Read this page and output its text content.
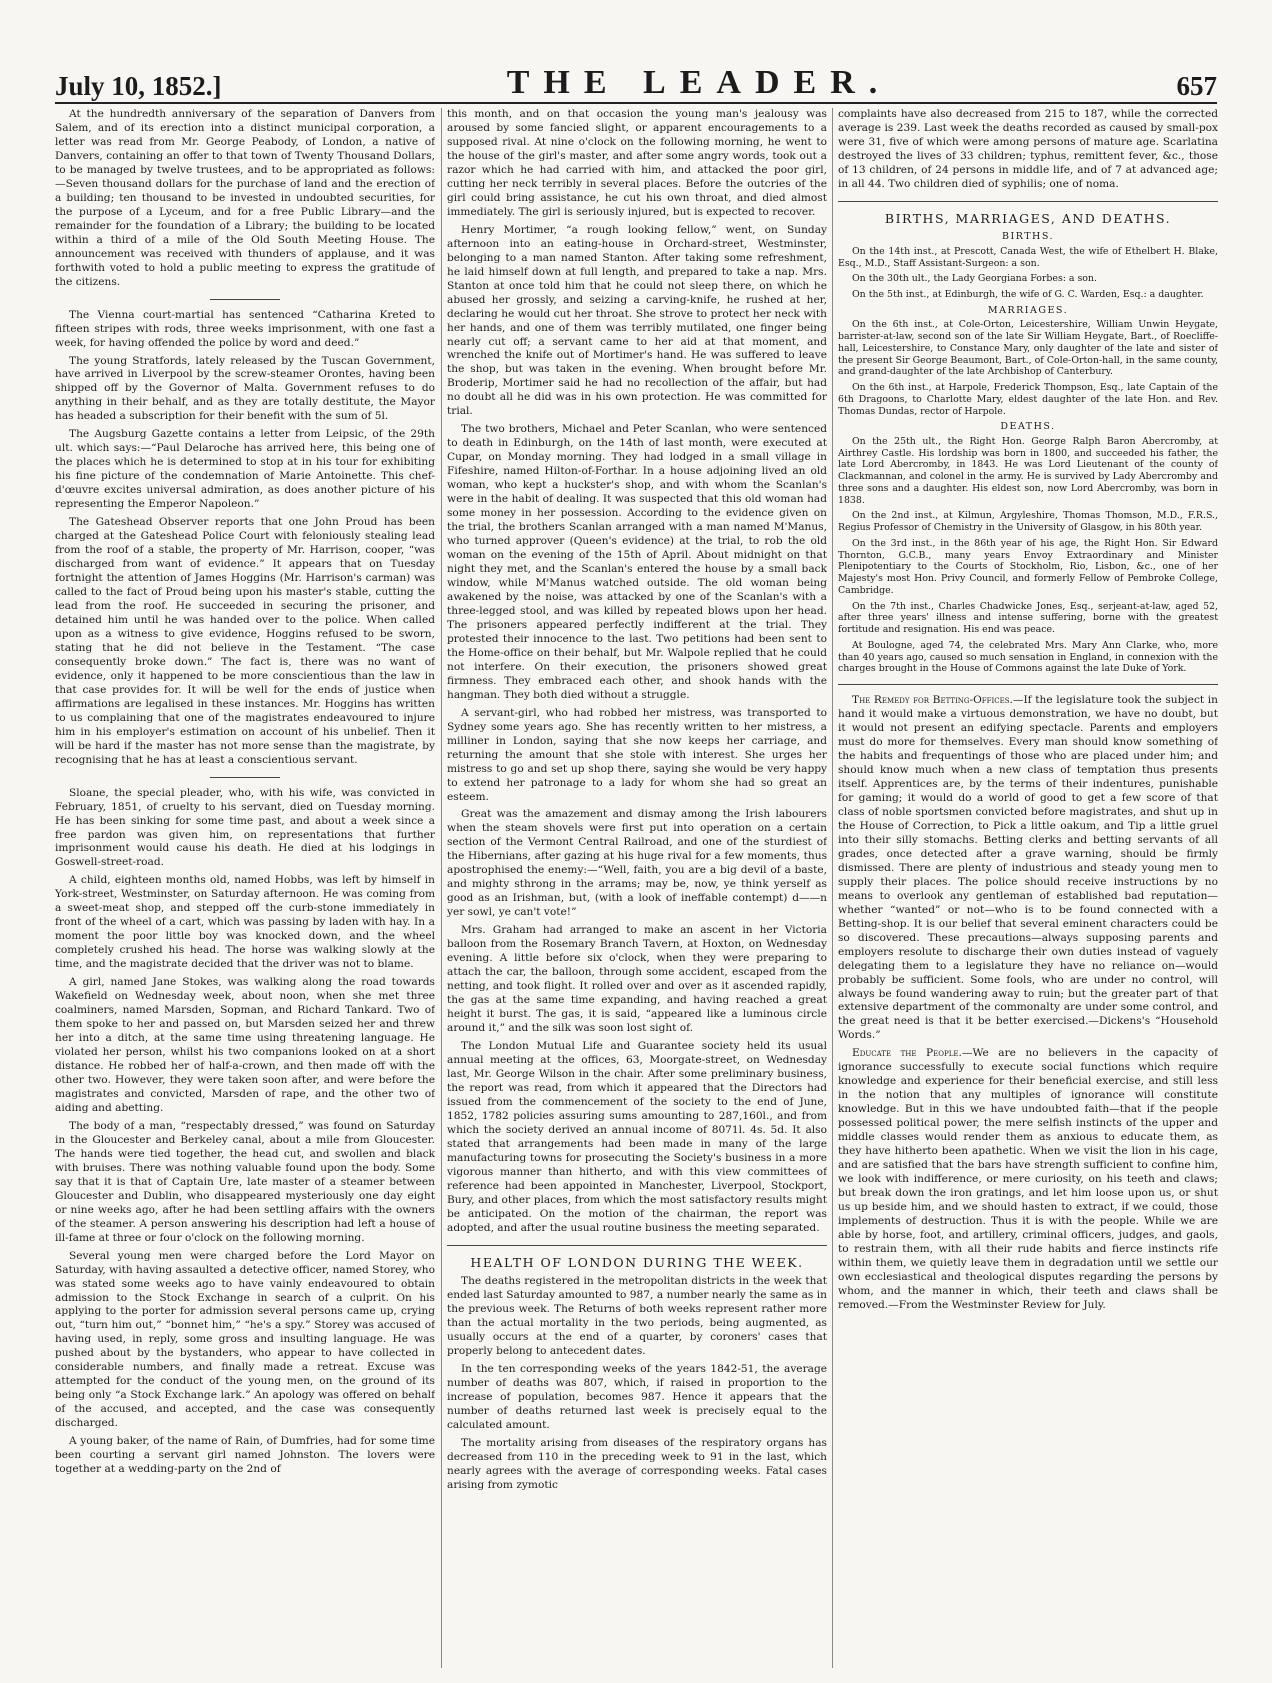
July 10, 1852.]	THE LEADER.	657

At the hundredth anniversary of the separation of Danvers from Salem, and of its erection into a distinct municipal corporation, a letter was read from Mr. George Peabody, of London, a native of Danvers, containing an offer to that town of Twenty Thousand Dollars, to be managed by twelve trustees, and to be appropriated as follows:—Seven thousand dollars for the purchase of land and the erection of a building; ten thousand to be invested in undoubted securities, for the purpose of a Lyceum, and for a free Public Library—and the remainder for the foundation of a Library; the building to be located within a third of a mile of the Old South Meeting House. The announcement was received with thunders of applause, and it was forthwith voted to hold a public meeting to express the gratitude of the citizens.

The Vienna court-martial has sentenced “Catharina Kreted to fifteen stripes with rods, three weeks imprisonment, with one fast a week, for having offended the police by word and deed.”

The young Stratfords, lately released by the Tuscan Government, have arrived in Liverpool by the screw-steamer Orontes, having been shipped off by the Governor of Malta. Government refuses to do anything in their behalf, and as they are totally destitute, the Mayor has headed a subscription for their benefit with the sum of 5l.

The Augsburg Gazette contains a letter from Leipsic, of the 29th ult. which says:—“Paul Delaroche has arrived here, this being one of the places which he is determined to stop at in his tour for exhibiting his fine picture of the condemnation of Marie Antoinette. This chef-d'œuvre excites universal admiration, as does another picture of his representing the Emperor Napoleon.”

The Gateshead Observer reports that one John Proud has been charged at the Gateshead Police Court with feloniously stealing lead from the roof of a stable, the property of Mr. Harrison, cooper, “was discharged from want of evidence.” It appears that on Tuesday fortnight the attention of James Hoggins (Mr. Harrison's carman) was called to the fact of Proud being upon his master's stable, cutting the lead from the roof. He succeeded in securing the prisoner, and detained him until he was handed over to the police. When called upon as a witness to give evidence, Hoggins refused to be sworn, stating that he did not believe in the Testament. “The case consequently broke down.” The fact is, there was no want of evidence, only it happened to be more conscientious than the law in that case provides for. It will be well for the ends of justice when affirmations are legalised in these instances. Mr. Hoggins has written to us complaining that one of the magistrates endeavoured to injure him in his employer's estimation on account of his unbelief. Then it will be hard if the master has not more sense than the magistrate, by recognising that he has at least a conscientious servant.

Sloane, the special pleader, who, with his wife, was convicted in February, 1851, of cruelty to his servant, died on Tuesday morning. He has been sinking for some time past, and about a week since a free pardon was given him, on representations that further imprisonment would cause his death. He died at his lodgings in Goswell-street-road.

A child, eighteen months old, named Hobbs, was left by himself in York-street, Westminster, on Saturday afternoon. He was coming from a sweet-meat shop, and stepped off the curb-stone immediately in front of the wheel of a cart, which was passing by laden with hay. In a moment the poor little boy was knocked down, and the wheel completely crushed his head. The horse was walking slowly at the time, and the magistrate decided that the driver was not to blame.

A girl, named Jane Stokes, was walking along the road towards Wakefield on Wednesday week, about noon, when she met three coalminers, named Marsden, Sopman, and Richard Tankard. Two of them spoke to her and passed on, but Marsden seized her and threw her into a ditch, at the same time using threatening language. He violated her person, whilst his two companions looked on at a short distance. He robbed her of half-a-crown, and then made off with the other two. However, they were taken soon after, and were before the magistrates and convicted, Marsden of rape, and the other two of aiding and abetting.

The body of a man, “respectably dressed,” was found on Saturday in the Gloucester and Berkeley canal, about a mile from Gloucester. The hands were tied together, the head cut, and swollen and black with bruises. There was nothing valuable found upon the body. Some say that it is that of Captain Ure, late master of a steamer between Gloucester and Dublin, who disappeared mysteriously one day eight or nine weeks ago, after he had been settling affairs with the owners of the steamer. A person answering his description had left a house of ill-fame at three or four o'clock on the following morning.

Several young men were charged before the Lord Mayor on Saturday, with having assaulted a detective officer, named Storey, who was stated some weeks ago to have vainly endeavoured to obtain admission to the Stock Exchange in search of a culprit. On his applying to the porter for admission several persons came up, crying out, “turn him out,” “bonnet him,” “he's a spy.” Storey was accused of having used, in reply, some gross and insulting language. He was pushed about by the bystanders, who appear to have collected in considerable numbers, and finally made a retreat. Excuse was attempted for the conduct of the young men, on the ground of its being only “a Stock Exchange lark.” An apology was offered on behalf of the accused, and accepted, and the case was consequently discharged.

A young baker, of the name of Rain, of Dumfries, had for some time been courting a servant girl named Johnston. The lovers were together at a wedding-party on the 2nd of

this month, and on that occasion the young man's jealousy was aroused by some fancied slight, or apparent encouragements to a supposed rival. At nine o'clock on the following morning, he went to the house of the girl's master, and after some angry words, took out a razor which he had carried with him, and attacked the poor girl, cutting her neck terribly in several places. Before the outcries of the girl could bring assistance, he cut his own throat, and died almost immediately. The girl is seriously injured, but is expected to recover.

Henry Mortimer, “a rough looking fellow,” went, on Sunday afternoon into an eating-house in Orchard-street, Westminster, belonging to a man named Stanton. After taking some refreshment, he laid himself down at full length, and prepared to take a nap. Mrs. Stanton at once told him that he could not sleep there, on which he abused her grossly, and seizing a carving-knife, he rushed at her, declaring he would cut her throat. She strove to protect her neck with her hands, and one of them was terribly mutilated, one finger being nearly cut off; a servant came to her aid at that moment, and wrenched the knife out of Mortimer's hand. He was suffered to leave the shop, but was taken in the evening. When brought before Mr. Broderip, Mortimer said he had no recollection of the affair, but had no doubt all he did was in his own protection. He was committed for trial.

The two brothers, Michael and Peter Scanlan, who were sentenced to death in Edinburgh, on the 14th of last month, were executed at Cupar, on Monday morning. They had lodged in a small village in Fifeshire, named Hilton-of-Forthar. In a house adjoining lived an old woman, who kept a huckster's shop, and with whom the Scanlan's were in the habit of dealing. It was suspected that this old woman had some money in her possession. According to the evidence given on the trial, the brothers Scanlan arranged with a man named M'Manus, who turned approver (Queen's evidence) at the trial, to rob the old woman on the evening of the 15th of April. About midnight on that night they met, and the Scanlan's entered the house by a small back window, while M'Manus watched outside. The old woman being awakened by the noise, was attacked by one of the Scanlan's with a three-legged stool, and was killed by repeated blows upon her head. The prisoners appeared perfectly indifferent at the trial. They protested their innocence to the last. Two petitions had been sent to the Home-office on their behalf, but Mr. Walpole replied that he could not interfere. On their execution, the prisoners showed great firmness. They embraced each other, and shook hands with the hangman. They both died without a struggle.

A servant-girl, who had robbed her mistress, was transported to Sydney some years ago. She has recently written to her mistress, a milliner in London, saying that she now keeps her carriage, and returning the amount that she stole with interest. She urges her mistress to go and set up shop there, saying she would be very happy to extend her patronage to a lady for whom she had so great an esteem.

Great was the amazement and dismay among the Irish labourers when the steam shovels were first put into operation on a certain section of the Vermont Central Railroad, and one of the sturdiest of the Hibernians, after gazing at his huge rival for a few moments, thus apostrophised the enemy:—“Well, faith, you are a big devil of a baste, and mighty sthrong in the arrams; may be, now, ye think yerself as good as an Irishman, but, (with a look of ineffable contempt) d——n yer sowl, ye can't vote!”

Mrs. Graham had arranged to make an ascent in her Victoria balloon from the Rosemary Branch Tavern, at Hoxton, on Wednesday evening. A little before six o'clock, when they were preparing to attach the car, the balloon, through some accident, escaped from the netting, and took flight. It rolled over and over as it ascended rapidly, the gas at the same time expanding, and having reached a great height it burst. The gas, it is said, “appeared like a luminous circle around it,” and the silk was soon lost sight of.

The London Mutual Life and Guarantee society held its usual annual meeting at the offices, 63, Moorgate-street, on Wednesday last, Mr. George Wilson in the chair. After some preliminary business, the report was read, from which it appeared that the Directors had issued from the commencement of the society to the end of June, 1852, 1782 policies assuring sums amounting to 287,160l., and from which the society derived an annual income of 8071l. 4s. 5d. It also stated that arrangements had been made in many of the large manufacturing towns for prosecuting the Society's business in a more vigorous manner than hitherto, and with this view committees of reference had been appointed in Manchester, Liverpool, Stockport, Bury, and other places, from which the most satisfactory results might be anticipated. On the motion of the chairman, the report was adopted, and after the usual routine business the meeting separated.

HEALTH OF LONDON DURING THE WEEK.

The deaths registered in the metropolitan districts in the week that ended last Saturday amounted to 987, a number nearly the same as in the previous week. The Returns of both weeks represent rather more than the actual mortality in the two periods, being augmented, as usually occurs at the end of a quarter, by coroners' cases that properly belong to antecedent dates.

In the ten corresponding weeks of the years 1842-51, the average number of deaths was 807, which, if raised in proportion to the increase of population, becomes 987. Hence it appears that the number of deaths returned last week is precisely equal to the calculated amount.

The mortality arising from diseases of the respiratory organs has decreased from 110 in the preceding week to 91 in the last, which nearly agrees with the average of corresponding weeks. Fatal cases arising from zymotic

complaints have also decreased from 215 to 187, while the corrected average is 239. Last week the deaths recorded as caused by small-pox were 31, five of which were among persons of mature age. Scarlatina destroyed the lives of 33 children; typhus, remittent fever, &c., those of 13 children, of 24 persons in middle life, and of 7 at advanced age; in all 44. Two children died of syphilis; one of noma.

BIRTHS, MARRIAGES, AND DEATHS.
BIRTHS.

On the 14th inst., at Prescott, Canada West, the wife of Ethelbert H. Blake, Esq., M.D., Staff Assistant-Surgeon: a son.

On the 30th ult., the Lady Georgiana Forbes: a son.

On the 5th inst., at Edinburgh, the wife of G. C. Warden, Esq.: a daughter.

MARRIAGES.

On the 6th inst., at Cole-Orton, Leicestershire, William Unwin Heygate, barrister-at-law, second son of the late Sir William Heygate, Bart., of Roecliffe-hall, Leicestershire, to Constance Mary, only daughter of the late and sister of the present Sir George Beaumont, Bart., of Cole-Orton-hall, in the same county, and grand-daughter of the late Archbishop of Canterbury.

On the 6th inst., at Harpole, Frederick Thompson, Esq., late Captain of the 6th Dragoons, to Charlotte Mary, eldest daughter of the late Hon. and Rev. Thomas Dundas, rector of Harpole.

DEATHS.

On the 25th ult., the Right Hon. George Ralph Baron Abercromby, at Airthrey Castle. His lordship was born in 1800, and succeeded his father, the late Lord Abercromby, in 1843. He was Lord Lieutenant of the county of Clackmannan, and colonel in the army. He is survived by Lady Abercromby and three sons and a daughter. His eldest son, now Lord Abercromby, was born in 1838.

On the 2nd inst., at Kilmun, Argyleshire, Thomas Thomson, M.D., F.R.S., Regius Professor of Chemistry in the University of Glasgow, in his 80th year.

On the 3rd inst., in the 86th year of his age, the Right Hon. Sir Edward Thornton, G.C.B., many years Envoy Extraordinary and Minister Plenipotentiary to the Courts of Stockholm, Rio, Lisbon, &c., one of her Majesty's most Hon. Privy Council, and formerly Fellow of Pembroke College, Cambridge.

On the 7th inst., Charles Chadwicke Jones, Esq., serjeant-at-law, aged 52, after three years' illness and intense suffering, borne with the greatest fortitude and resignation. His end was peace.

At Boulogne, aged 74, the celebrated Mrs. Mary Ann Clarke, who, more than 40 years ago, caused so much sensation in England, in connexion with the charges brought in the House of Commons against the late Duke of York.

The Remedy for Betting-Offices.—If the legislature took the subject in hand it would make a virtuous demonstration, we have no doubt, but it would not present an edifying spectacle. Parents and employers must do more for themselves. Every man should know something of the habits and frequentings of those who are placed under him; and should know much when a new class of temptation thus presents itself. Apprentices are, by the terms of their indentures, punishable for gaming; it would do a world of good to get a few score of that class of noble sportsmen convicted before magistrates, and shut up in the House of Correction, to Pick a little oakum, and Tip a little gruel into their silly stomachs. Betting clerks and betting servants of all grades, once detected after a grave warning, should be firmly dismissed. There are plenty of industrious and steady young men to supply their places. The police should receive instructions by no means to overlook any gentleman of established bad reputation—whether “wanted” or not—who is to be found connected with a Betting-shop. It is our belief that several eminent characters could be so discovered. These precautions—always supposing parents and employers resolute to discharge their own duties instead of vaguely delegating them to a legislature they have no reliance on—would probably be sufficient. Some fools, who are under no control, will always be found wandering away to ruin; but the greater part of that extensive department of the commonalty are under some control, and the great need is that it be better exercised.—Dickens's “Household Words.”

Educate the People.—We are no believers in the capacity of ignorance successfully to execute social functions which require knowledge and experience for their beneficial exercise, and still less in the notion that any multiples of ignorance will constitute knowledge. But in this we have undoubted faith—that if the people possessed political power, the mere selfish instincts of the upper and middle classes would render them as anxious to educate them, as they have hitherto been apathetic. When we visit the lion in his cage, and are satisfied that the bars have strength sufficient to confine him, we look with indifference, or mere curiosity, on his teeth and claws; but break down the iron gratings, and let him loose upon us, or shut us up beside him, and we should hasten to extract, if we could, those implements of destruction. Thus it is with the people. While we are able by horse, foot, and artillery, criminal officers, judges, and gaols, to restrain them, with all their rude habits and fierce instincts rife within them, we quietly leave them in degradation until we settle our own ecclesiastical and theological disputes regarding the persons by whom, and the manner in which, their teeth and claws shall be removed.—From the Westminster Review for July.
